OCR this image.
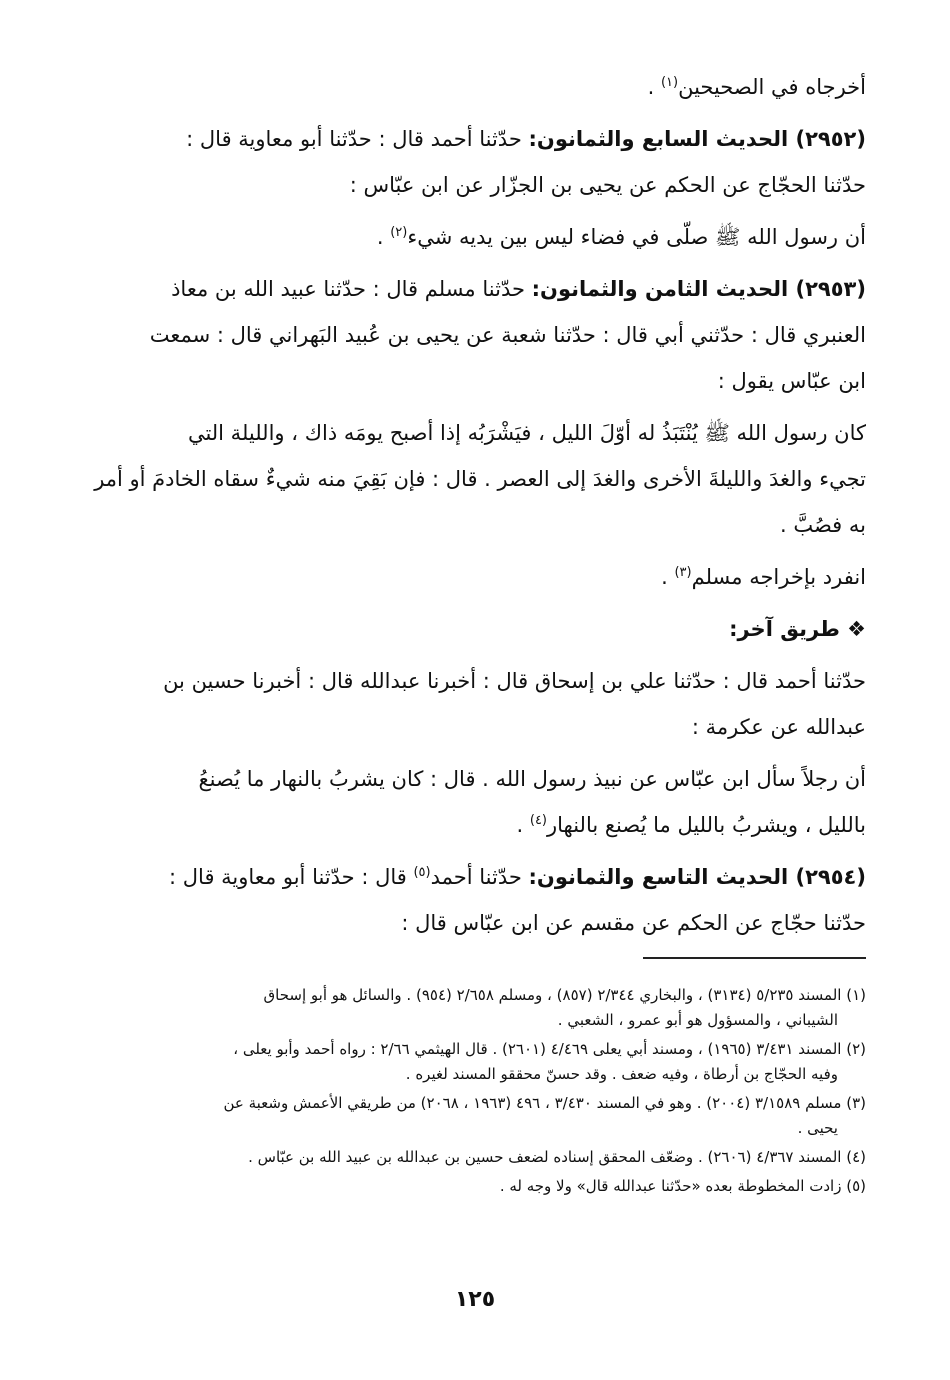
أخرجاه في الصحيحين$^{(١)}$ .
(٢٩٥٢) الحديث السابع والثمانون: حدّثنا أحمد قال : حدّثنا أبو معاوية قال :
حدّثنا الحجّاج عن الحكم عن يحيى بن الجزّار عن ابن عبّاس :
أن رسول الله ﷺ صلّى في فضاء ليس بين يديه شيء$^{(٢)}$ .
(٢٩٥٣) الحديث الثامن والثمانون: حدّثنا مسلم قال : حدّثنا عبيد الله بن معاذ
العنبري قال : حدّثني أبي قال : حدّثنا شعبة عن يحيى بن عُبيد البَهراني قال : سمعت
ابن عبّاس يقول :
كان رسول الله ﷺ يُنْتَبَذُ له أوّلَ الليل ، فيَشْرَبُه إذا أصبح يومَه ذاك ، والليلة التي
تجيء والغدَ والليلةَ الأخرى والغدَ إلى العصر . قال : فإن بَقِيَ منه شيءٌ سقاه الخادمَ أو أمر
به فصُبَّ .
انفرد بإخراجه مسلم$^{(٣)}$ .
❖ طريق آخر:
حدّثنا أحمد قال : حدّثنا علي بن إسحاق قال : أخبرنا عبدالله قال : أخبرنا حسين بن
عبدالله عن عكرمة :
أن رجلاً سأل ابن عبّاس عن نبيذ رسول الله . قال : كان يشربُ بالنهار ما يُصنعُ
بالليل ، ويشربُ بالليل ما يُصنع بالنهار$^{(٤)}$ .
(٢٩٥٤) الحديث التاسع والثمانون: حدّثنا أحمد$^{(٥)}$ قال : حدّثنا أبو معاوية قال :
حدّثنا حجّاج عن الحكم عن مقسم عن ابن عبّاس قال :
(١) المسند ٥/٢٣٥ (٣١٣٤) ، والبخاري ٢/٣٤٤ (٨٥٧) ، ومسلم ٢/٦٥٨ (٩٥٤) . والسائل هو أبو إسحاق
الشيباني ، والمسؤول هو أبو عمرو ، الشعبي .
(٢) المسند ٣/٤٣١ (١٩٦٥) ، ومسند أبي يعلى ٤/٤٦٩ (٢٦٠١) . قال الهيثمي ٢/٦٦ : رواه أحمد وأبو يعلى ،
وفيه الحجّاج بن أرطاة ، وفيه ضعف . وقد حسنّ محققو المسند لغيره .
(٣) مسلم ٣/١٥٨٩ (٢٠٠٤) . وهو في المسند ٣/٤٣٠ ، ٤٩٦ (١٩٦٣ ، ٢٠٦٨) من طريقي الأعمش وشعبة عن
يحيى .
(٤) المسند ٤/٣٦٧ (٢٦٠٦) . وضعّف المحقق إسناده لضعف حسين بن عبدالله بن عبيد الله بن عبّاس .
(٥) زادت المخطوطة بعده «حدّثنا عبدالله قال» ولا وجه له .
١٢٥
